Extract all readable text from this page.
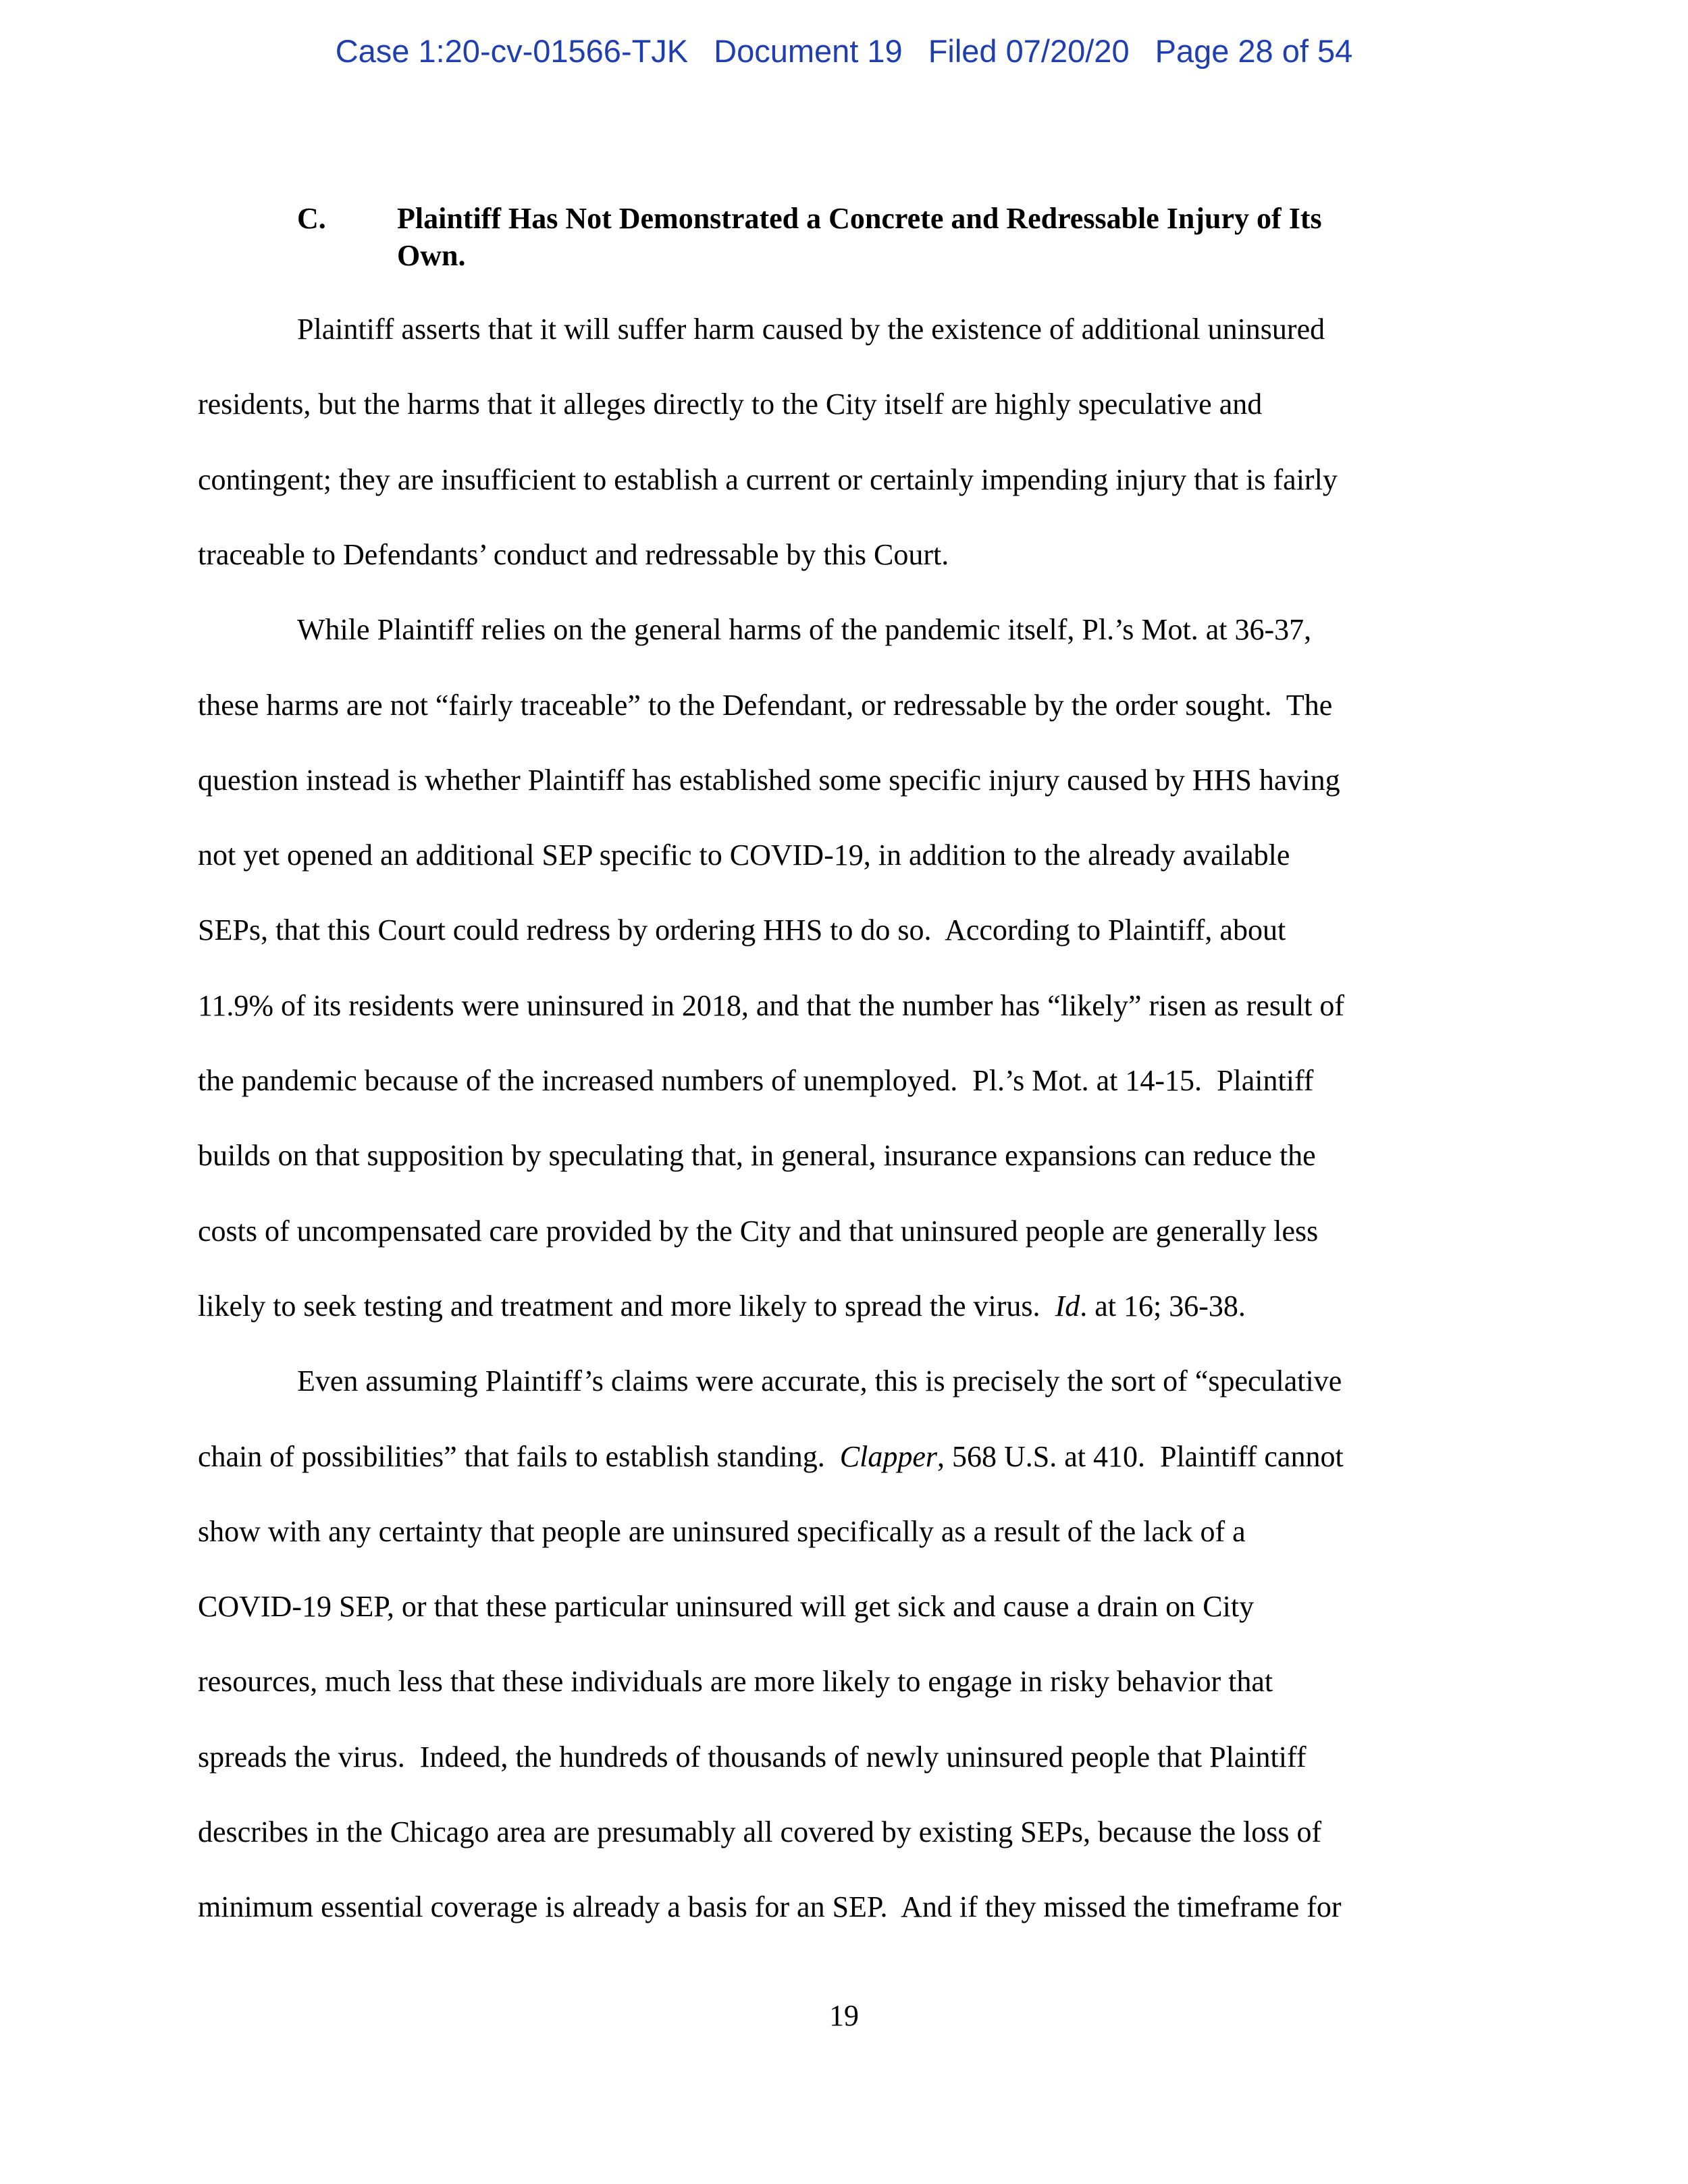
Case 1:20-cv-01566-TJK Document 19 Filed 07/20/20 Page 28 of 54
C. Plaintiff Has Not Demonstrated a Concrete and Redressable Injury of Its
Own.
Plaintiff asserts that it will suffer harm caused by the existence of additional uninsured
residents, but the harms that it alleges directly to the City itself are highly speculative and
contingent; they are insufficient to establish a current or certainly impending injury that is fairly
traceable to Defendants’ conduct and redressable by this Court.
While Plaintiff relies on the general harms of the pandemic itself, Pl.’s Mot. at 36-37,
these harms are not “fairly traceable” to the Defendant, or redressable by the order sought.  The
question instead is whether Plaintiff has established some specific injury caused by HHS having
not yet opened an additional SEP specific to COVID-19, in addition to the already available
SEPs, that this Court could redress by ordering HHS to do so.  According to Plaintiff, about
11.9% of its residents were uninsured in 2018, and that the number has “likely” risen as result of
the pandemic because of the increased numbers of unemployed.  Pl.’s Mot. at 14-15.  Plaintiff
builds on that supposition by speculating that, in general, insurance expansions can reduce the
costs of uncompensated care provided by the City and that uninsured people are generally less
likely to seek testing and treatment and more likely to spread the virus.  Id. at 16; 36-38.
Even assuming Plaintiff’s claims were accurate, this is precisely the sort of “speculative
chain of possibilities” that fails to establish standing.  Clapper, 568 U.S. at 410.  Plaintiff cannot
show with any certainty that people are uninsured specifically as a result of the lack of a
COVID-19 SEP, or that these particular uninsured will get sick and cause a drain on City
resources, much less that these individuals are more likely to engage in risky behavior that
spreads the virus.  Indeed, the hundreds of thousands of newly uninsured people that Plaintiff
describes in the Chicago area are presumably all covered by existing SEPs, because the loss of
minimum essential coverage is already a basis for an SEP.  And if they missed the timeframe for
19
